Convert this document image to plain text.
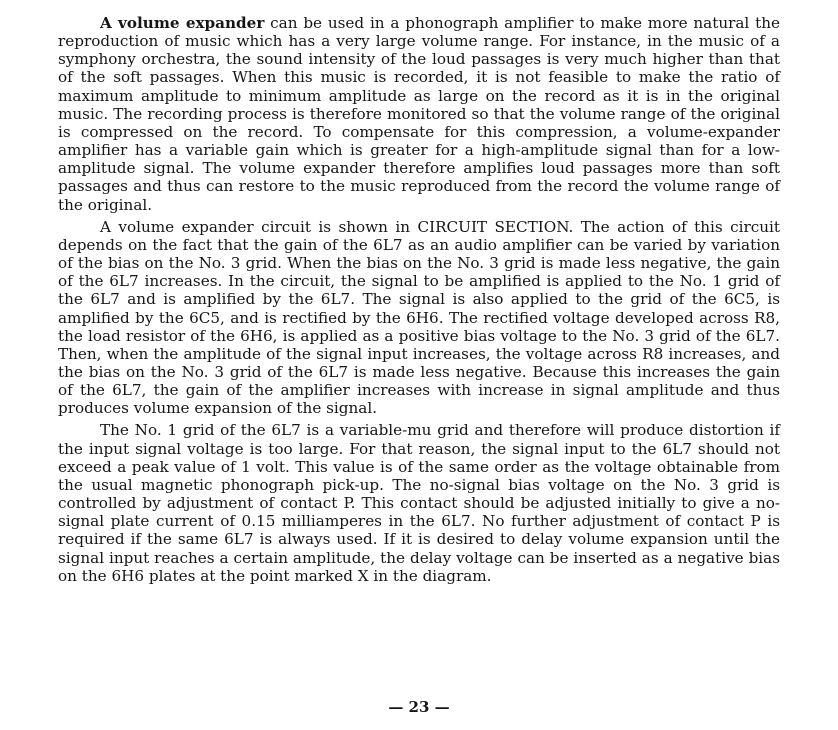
A volume expander can be used in a phonograph amplifier to make more natural the reproduction of music which has a very large volume range. For instance, in the music of a symphony orchestra, the sound intensity of the loud passages is very much higher than that of the soft passages. When this music is recorded, it is not feasible to make the ratio of maximum amplitude to minimum amplitude as large on the record as it is in the original music. The recording process is therefore monitored so that the volume range of the original is compressed on the record. To compensate for this compression, a volume-expander amplifier has a variable gain which is greater for a high-amplitude signal than for a low-amplitude signal. The volume expander therefore amplifies loud passages more than soft passages and thus can restore to the music reproduced from the record the volume range of the original.

A volume expander circuit is shown in CIRCUIT SECTION. The action of this circuit depends on the fact that the gain of the 6L7 as an audio amplifier can be varied by variation of the bias on the No. 3 grid. When the bias on the No. 3 grid is made less negative, the gain of the 6L7 increases. In the circuit, the signal to be amplified is applied to the No. 1 grid of the 6L7 and is amplified by the 6L7. The signal is also applied to the grid of the 6C5, is amplified by the 6C5, and is rectified by the 6H6. The rectified voltage developed across R8, the load resistor of the 6H6, is applied as a positive bias voltage to the No. 3 grid of the 6L7. Then, when the amplitude of the signal input increases, the voltage across R8 increases, and the bias on the No. 3 grid of the 6L7 is made less negative. Because this increases the gain of the 6L7, the gain of the amplifier increases with increase in signal amplitude and thus produces volume expansion of the signal.

The No. 1 grid of the 6L7 is a variable-mu grid and therefore will produce distortion if the input signal voltage is too large. For that reason, the signal input to the 6L7 should not exceed a peak value of 1 volt. This value is of the same order as the voltage obtainable from the usual magnetic phonograph pick-up. The no-signal bias voltage on the No. 3 grid is controlled by adjustment of contact P. This contact should be adjusted initially to give a no-signal plate current of 0.15 milliamperes in the 6L7. No further adjustment of contact P is required if the same 6L7 is always used. If it is desired to delay volume expansion until the signal input reaches a certain amplitude, the delay voltage can be inserted as a negative bias on the 6H6 plates at the point marked X in the diagram.

— 23 —
